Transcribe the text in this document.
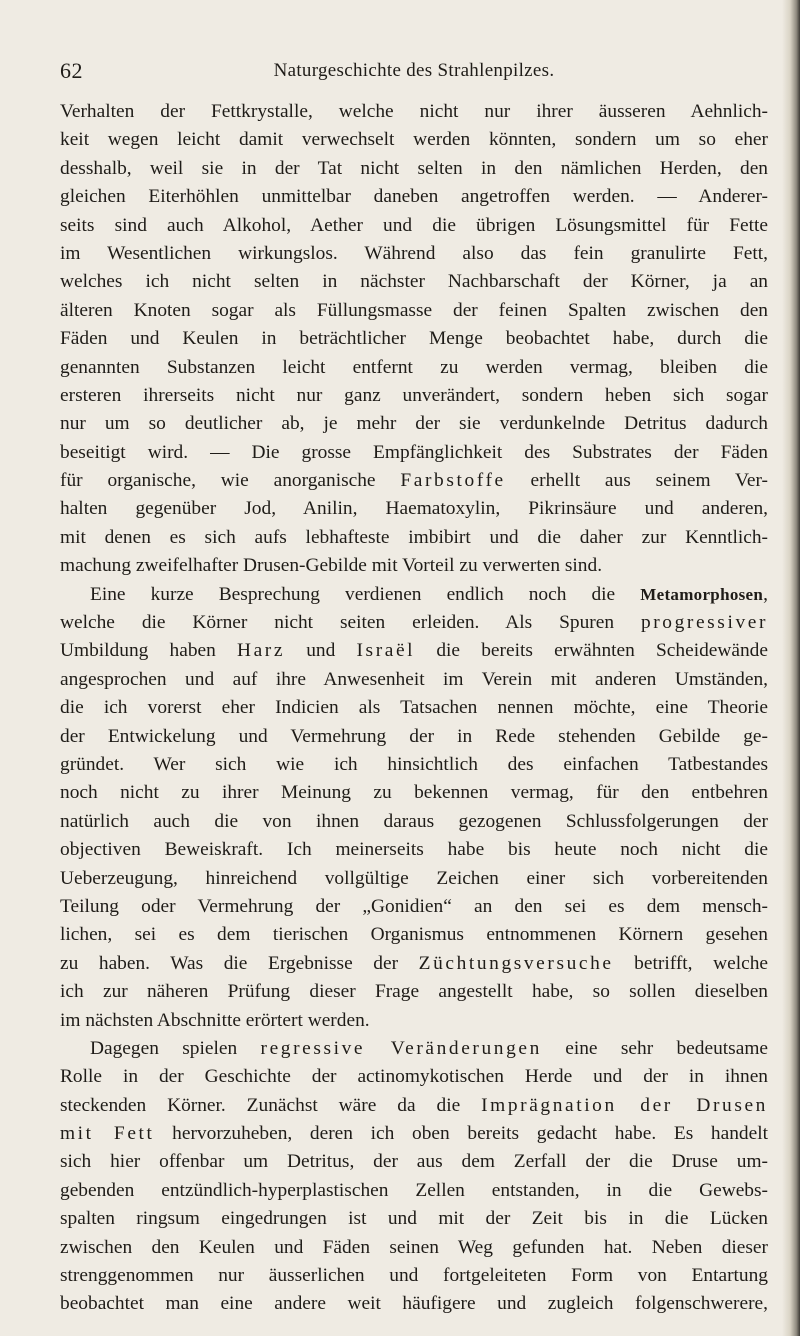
62	Naturgeschichte des Strahlenpilzes.
Verhalten der Fettkrystalle, welche nicht nur ihrer äusseren Aehnlich-
keit wegen leicht damit verwechselt werden könnten, sondern um so eher
desshalb, weil sie in der Tat nicht selten in den nämlichen Herden, den
gleichen Eiterhöhlen unmittelbar daneben angetroffen werden. — Anderer-
seits sind auch Alkohol, Aether und die übrigen Lösungsmittel für Fette
im Wesentlichen wirkungslos. Während also das fein granulirte Fett,
welches ich nicht selten in nächster Nachbarschaft der Körner, ja an
älteren Knoten sogar als Füllungsmasse der feinen Spalten zwischen den
Fäden und Keulen in beträchtlicher Menge beobachtet habe, durch die
genannten Substanzen leicht entfernt zu werden vermag, bleiben die
ersteren ihrerseits nicht nur ganz unverändert, sondern heben sich sogar
nur um so deutlicher ab, je mehr der sie verdunkelnde Detritus dadurch
beseitigt wird. — Die grosse Empfänglichkeit des Substrates der Fäden
für organische, wie anorganische Farbstoffe erhellt aus seinem Ver-
halten gegenüber Jod, Anilin, Haematoxylin, Pikrinsäure und anderen,
mit denen es sich aufs lebhafteste imbibirt und die daher zur Kenntlich-
machung zweifelhafter Drusen-Gebilde mit Vorteil zu verwerten sind.
Eine kurze Besprechung verdienen endlich noch die Metamorphosen,
welche die Körner nicht seiten erleiden. Als Spuren progressiver
Umbildung haben Harz und Israël die bereits erwähnten Scheidewände
angesprochen und auf ihre Anwesenheit im Verein mit anderen Umständen,
die ich vorerst eher Indicien als Tatsachen nennen möchte, eine Theorie
der Entwickelung und Vermehrung der in Rede stehenden Gebilde ge-
gründet. Wer sich wie ich hinsichtlich des einfachen Tatbestandes
noch nicht zu ihrer Meinung zu bekennen vermag, für den entbehren
natürlich auch die von ihnen daraus gezogenen Schlussfolgerungen der
objectiven Beweiskraft. Ich meinerseits habe bis heute noch nicht die
Ueberzeugung, hinreichend vollgültige Zeichen einer sich vorbereitenden
Teilung oder Vermehrung der „Gonidien“ an den sei es dem mensch-
lichen, sei es dem tierischen Organismus entnommenen Körnern gesehen
zu haben. Was die Ergebnisse der Züchtungsversuche betrifft, welche
ich zur näheren Prüfung dieser Frage angestellt habe, so sollen dieselben
im nächsten Abschnitte erörtert werden.
Dagegen spielen regressive Veränderungen eine sehr bedeutsame
Rolle in der Geschichte der actinomykotischen Herde und der in ihnen
steckenden Körner. Zunächst wäre da die Imprägnation der Drusen
mit Fett hervorzuheben, deren ich oben bereits gedacht habe. Es handelt
sich hier offenbar um Detritus, der aus dem Zerfall der die Druse um-
gebenden entzündlich-hyperplastischen Zellen entstanden, in die Gewebs-
spalten ringsum eingedrungen ist und mit der Zeit bis in die Lücken
zwischen den Keulen und Fäden seinen Weg gefunden hat. Neben dieser
strenggenommen nur äusserlichen und fortgeleiteten Form von Entartung
beobachtet man eine andere weit häufigere und zugleich folgenschwerere,
